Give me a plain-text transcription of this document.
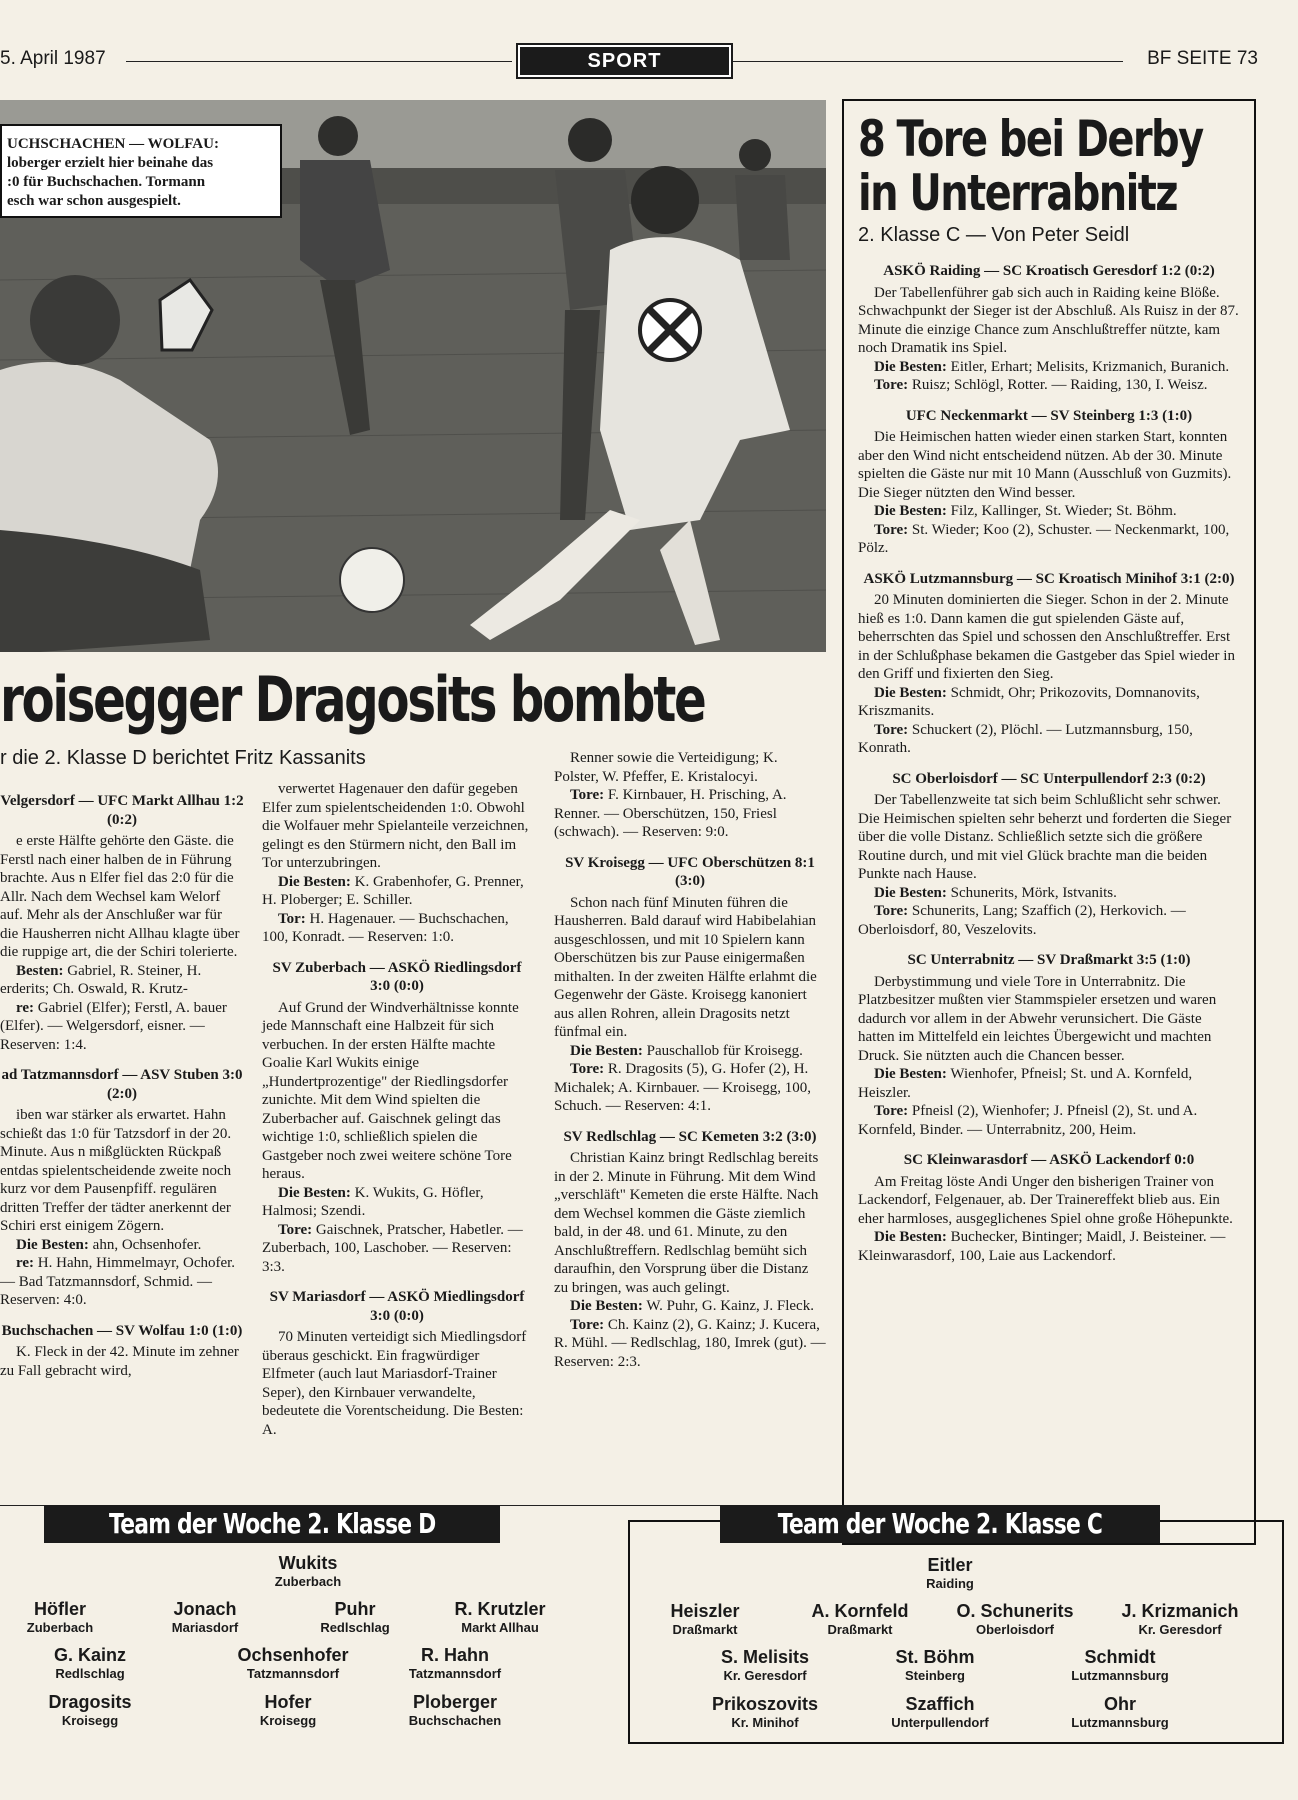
5. April 1987	SPORT	BF SEITE 73
UCHSCHACHEN — WOLFAU:
loberger erzielt hier beinahe das
:0 für Buchschachen. Tormann
esch war schon ausgespielt.
roisegger Dragosits bombte
r die 2. Klasse D berichtet Fritz Kassanits

Velgersdorf — UFC Markt Allhau 1:2 (0:2)

e erste Hälfte gehörte den Gäste. die Ferstl nach einer halben de in Führung brachte. Aus n Elfer fiel das 2:0 für die Allr. Nach dem Wechsel kam Welorf auf. Mehr als der Anschlußer war für die Hausherren nicht Allhau klagte über die ruppige art, die der Schiri tolerierte.

Besten: Gabriel, R. Steiner, H. erderits; Ch. Oswald, R. Krutz-

re: Gabriel (Elfer); Ferstl, A. bauer (Elfer). — Welgersdorf, eisner. — Reserven: 1:4.

ad Tatzmannsdorf — ASV Stuben 3:0 (2:0)

iben war stärker als erwartet. Hahn schießt das 1:0 für Tatzsdorf in der 20. Minute. Aus n mißglückten Rückpaß entdas spielentscheidende zweite noch kurz vor dem Pausenpfiff. regulären dritten Treffer der tädter anerkennt der Schiri erst einigem Zögern.

Die Besten: ahn, Ochsenhofer.

re: H. Hahn, Himmelmayr, Ochofer. — Bad Tatzmannsdorf, Schmid. — Reserven: 4:0.

Buchschachen — SV Wolfau 1:0 (1:0)

K. Fleck in der 42. Minute im zehner zu Fall gebracht wird,

verwertet Hagenauer den dafür gegeben Elfer zum spielentscheidenden 1:0. Obwohl die Wolfauer mehr Spielanteile verzeichnen, gelingt es den Stürmern nicht, den Ball im Tor unterzubringen.

Die Besten: K. Grabenhofer, G. Prenner, H. Ploberger; E. Schiller.

Tor: H. Hagenauer. — Buchschachen, 100, Konradt. — Reserven: 1:0.

SV Zuberbach — ASKÖ Riedlingsdorf 3:0 (0:0)

Auf Grund der Windverhältnisse konnte jede Mannschaft eine Halbzeit für sich verbuchen. In der ersten Hälfte machte Goalie Karl Wukits einige „Hundertprozentige" der Riedlingsdorfer zunichte. Mit dem Wind spielten die Zuberbacher auf. Gaischnek gelingt das wichtige 1:0, schließlich spielen die Gastgeber noch zwei weitere schöne Tore heraus.

Die Besten: K. Wukits, G. Höfler, Halmosi; Szendi.

Tore: Gaischnek, Pratscher, Habetler. — Zuberbach, 100, Laschober. — Reserven: 3:3.

SV Mariasdorf — ASKÖ Miedlingsdorf 3:0 (0:0)

70 Minuten verteidigt sich Miedlingsdorf überaus geschickt. Ein fragwürdiger Elfmeter (auch laut Mariasdorf-Trainer Seper), den Kirnbauer verwandelte, bedeutete die Vorentscheidung. Die Besten: A.

Renner sowie die Verteidigung; K. Polster, W. Pfeffer, E. Kristalocyi.

Tore: F. Kirnbauer, H. Prisching, A. Renner. — Oberschützen, 150, Friesl (schwach). — Reserven: 9:0.

SV Kroisegg — UFC Oberschützen 8:1 (3:0)

Schon nach fünf Minuten führen die Hausherren. Bald darauf wird Habibelahian ausgeschlossen, und mit 10 Spielern kann Oberschützen bis zur Pause einigermaßen mithalten. In der zweiten Hälfte erlahmt die Gegenwehr der Gäste. Kroisegg kanoniert aus allen Rohren, allein Dragosits netzt fünfmal ein.

Die Besten: Pauschallob für Kroisegg.

Tore: R. Dragosits (5), G. Hofer (2), H. Michalek; A. Kirnbauer. — Kroisegg, 100, Schuch. — Reserven: 4:1.

SV Redlschlag — SC Kemeten 3:2 (3:0)

Christian Kainz bringt Redlschlag bereits in der 2. Minute in Führung. Mit dem Wind „verschläft" Kemeten die erste Hälfte. Nach dem Wechsel kommen die Gäste ziemlich bald, in der 48. und 61. Minute, zu den Anschlußtreffern. Redlschlag bemüht sich daraufhin, den Vorsprung über die Distanz zu bringen, was auch gelingt.

Die Besten: W. Puhr, G. Kainz, J. Fleck.

Tore: Ch. Kainz (2), G. Kainz; J. Kucera, R. Mühl. — Redlschlag, 180, Imrek (gut). — Reserven: 2:3.

8 Tore bei Derby
in Unterrabnitz
2. Klasse C — Von Peter Seidl

ASKÖ Raiding — SC Kroatisch Geresdorf 1:2 (0:2)

Der Tabellenführer gab sich auch in Raiding keine Blöße. Schwachpunkt der Sieger ist der Abschluß. Als Ruisz in der 87. Minute die einzige Chance zum Anschlußtreffer nützte, kam noch Dramatik ins Spiel.

Die Besten: Eitler, Erhart; Melisits, Krizmanich, Buranich.

Tore: Ruisz; Schlögl, Rotter. — Raiding, 130, I. Weisz.

UFC Neckenmarkt — SV Steinberg 1:3 (1:0)

Die Heimischen hatten wieder einen starken Start, konnten aber den Wind nicht entscheidend nützen. Ab der 30. Minute spielten die Gäste nur mit 10 Mann (Ausschluß von Guzmits). Die Sieger nützten den Wind besser.

Die Besten: Filz, Kallinger, St. Wieder; St. Böhm.

Tore: St. Wieder; Koo (2), Schuster. — Neckenmarkt, 100, Pölz.

ASKÖ Lutzmannsburg — SC Kroatisch Minihof 3:1 (2:0)

20 Minuten dominierten die Sieger. Schon in der 2. Minute hieß es 1:0. Dann kamen die gut spielenden Gäste auf, beherrschten das Spiel und schossen den Anschlußtreffer. Erst in der Schlußphase bekamen die Gastgeber das Spiel wieder in den Griff und fixierten den Sieg.

Die Besten: Schmidt, Ohr; Prikozovits, Domnanovits, Kriszmanits.

Tore: Schuckert (2), Plöchl. — Lutzmannsburg, 150, Konrath.

SC Oberloisdorf — SC Unterpullendorf 2:3 (0:2)

Der Tabellenzweite tat sich beim Schlußlicht sehr schwer. Die Heimischen spielten sehr beherzt und forderten die Sieger über die volle Distanz. Schließlich setzte sich die größere Routine durch, und mit viel Glück brachte man die beiden Punkte nach Hause.

Die Besten: Schunerits, Mörk, Istvanits.

Tore: Schunerits, Lang; Szaffich (2), Herkovich. — Oberloisdorf, 80, Veszelovits.

SC Unterrabnitz — SV Draßmarkt 3:5 (1:0)

Derbystimmung und viele Tore in Unterrabnitz. Die Platzbesitzer mußten vier Stammspieler ersetzen und waren dadurch vor allem in der Abwehr verunsichert. Die Gäste hatten im Mittelfeld ein leichtes Übergewicht und machten Druck. Sie nützten auch die Chancen besser.

Die Besten: Wienhofer, Pfneisl; St. und A. Kornfeld, Heiszler.

Tore: Pfneisl (2), Wienhofer; J. Pfneisl (2), St. und A. Kornfeld, Binder. — Unterrabnitz, 200, Heim.

SC Kleinwarasdorf — ASKÖ Lackendorf 0:0

Am Freitag löste Andi Unger den bisherigen Trainer von Lackendorf, Felgenauer, ab. Der Trainereffekt blieb aus. Ein eher harmloses, ausgeglichenes Spiel ohne große Höhepunkte.

Die Besten: Buchecker, Bintinger; Maidl, J. Beisteiner. — Kleinwarasdorf, 100, Laie aus Lackendorf.

Team der Woche 2. Klasse D
Wukits
Zuberbach
Höfler
Zuberbach
Jonach
Mariasdorf
Puhr
Redlschlag
R. Krutzler
Markt Allhau
G. Kainz
Redlschlag
Ochsenhofer
Tatzmannsdorf
R. Hahn
Tatzmannsdorf
Dragosits
Kroisegg
Hofer
Kroisegg
Ploberger
Buchschachen
Team der Woche 2. Klasse C
Eitler
Raiding
Heiszler
Draßmarkt
A. Kornfeld
Draßmarkt
O. Schunerits
Oberloisdorf
J. Krizmanich
Kr. Geresdorf
S. Melisits
Kr. Geresdorf
St. Böhm
Steinberg
Schmidt
Lutzmannsburg
Prikoszovits
Kr. Minihof
Szaffich
Unterpullendorf
Ohr
Lutzmannsburg
